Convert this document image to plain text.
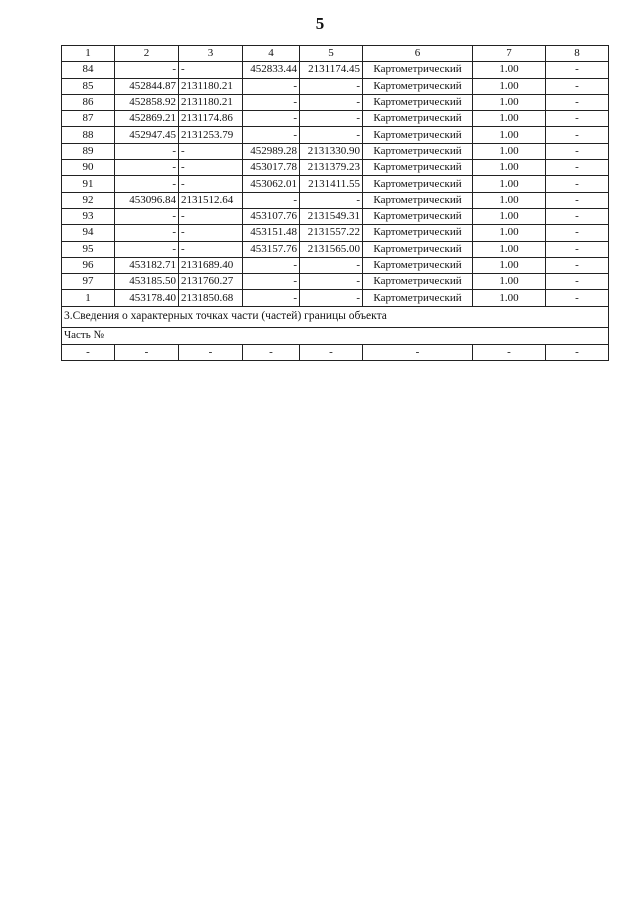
5
1	2	3	4	5	6	7	8
84	-	-	452833.44	2131174.45	Картометрический	1.00	-
85	452844.87	2131180.21	-	-	Картометрический	1.00	-
86	452858.92	2131180.21	-	-	Картометрический	1.00	-
87	452869.21	2131174.86	-	-	Картометрический	1.00	-
88	452947.45	2131253.79	-	-	Картометрический	1.00	-
89	-	-	452989.28	2131330.90	Картометрический	1.00	-
90	-	-	453017.78	2131379.23	Картометрический	1.00	-
91	-	-	453062.01	2131411.55	Картометрический	1.00	-
92	453096.84	2131512.64	-	-	Картометрический	1.00	-
93	-	-	453107.76	2131549.31	Картометрический	1.00	-
94	-	-	453151.48	2131557.22	Картометрический	1.00	-
95	-	-	453157.76	2131565.00	Картометрический	1.00	-
96	453182.71	2131689.40	-	-	Картометрический	1.00	-
97	453185.50	2131760.27	-	-	Картометрический	1.00	-
1	453178.40	2131850.68	-	-	Картометрический	1.00	-
3.Сведения о характерных точках части (частей) границы объекта							
Часть №							
-	-	-	-	-	-	-	-
